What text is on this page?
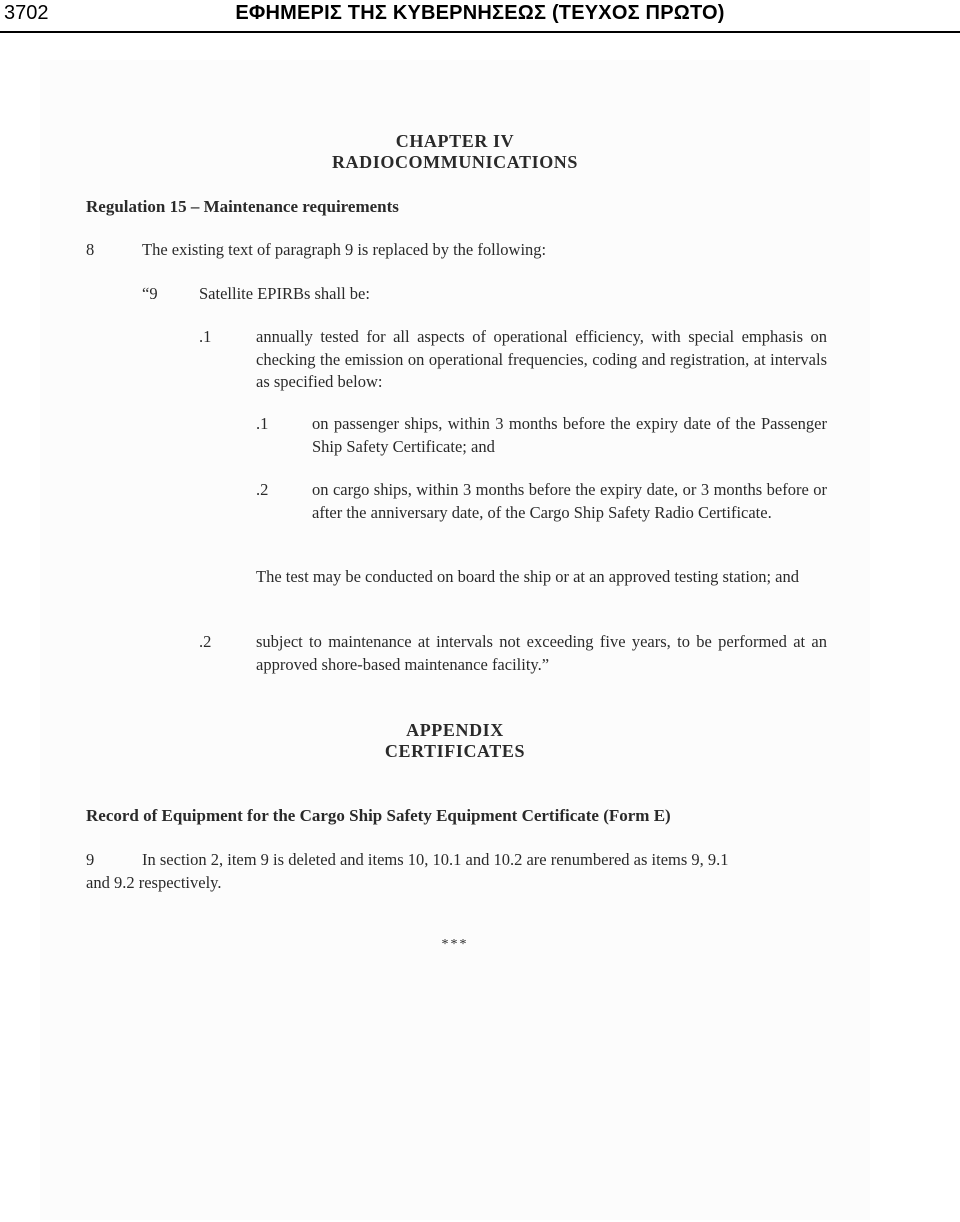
3702	ΕΦΗΜΕΡΙΣ ΤΗΣ ΚΥΒΕΡΝΗΣΕΩΣ (ΤΕΥΧΟΣ ΠΡΩΤΟ)
CHAPTER IV
RADIOCOMMUNICATIONS
Regulation 15 – Maintenance requirements
8	The existing text of paragraph 9 is replaced by the following:
“9	Satellite EPIRBs shall be:
.1	annually tested for all aspects of operational efficiency, with special emphasis on checking the emission on operational frequencies, coding and registration, at intervals as specified below:
.1	on passenger ships, within 3 months before the expiry date of the Passenger Ship Safety Certificate; and
.2	on cargo ships, within 3 months before the expiry date, or 3 months before or after the anniversary date, of the Cargo Ship Safety Radio Certificate.
The test may be conducted on board the ship or at an approved testing station; and
.2	subject to maintenance at intervals not exceeding five years, to be performed at an approved shore-based maintenance facility.”
APPENDIX
CERTIFICATES
Record of Equipment for the Cargo Ship Safety Equipment Certificate (Form E)
9	In section 2, item 9 is deleted and items 10, 10.1 and 10.2 are renumbered as items 9, 9.1
and 9.2 respectively.
***
